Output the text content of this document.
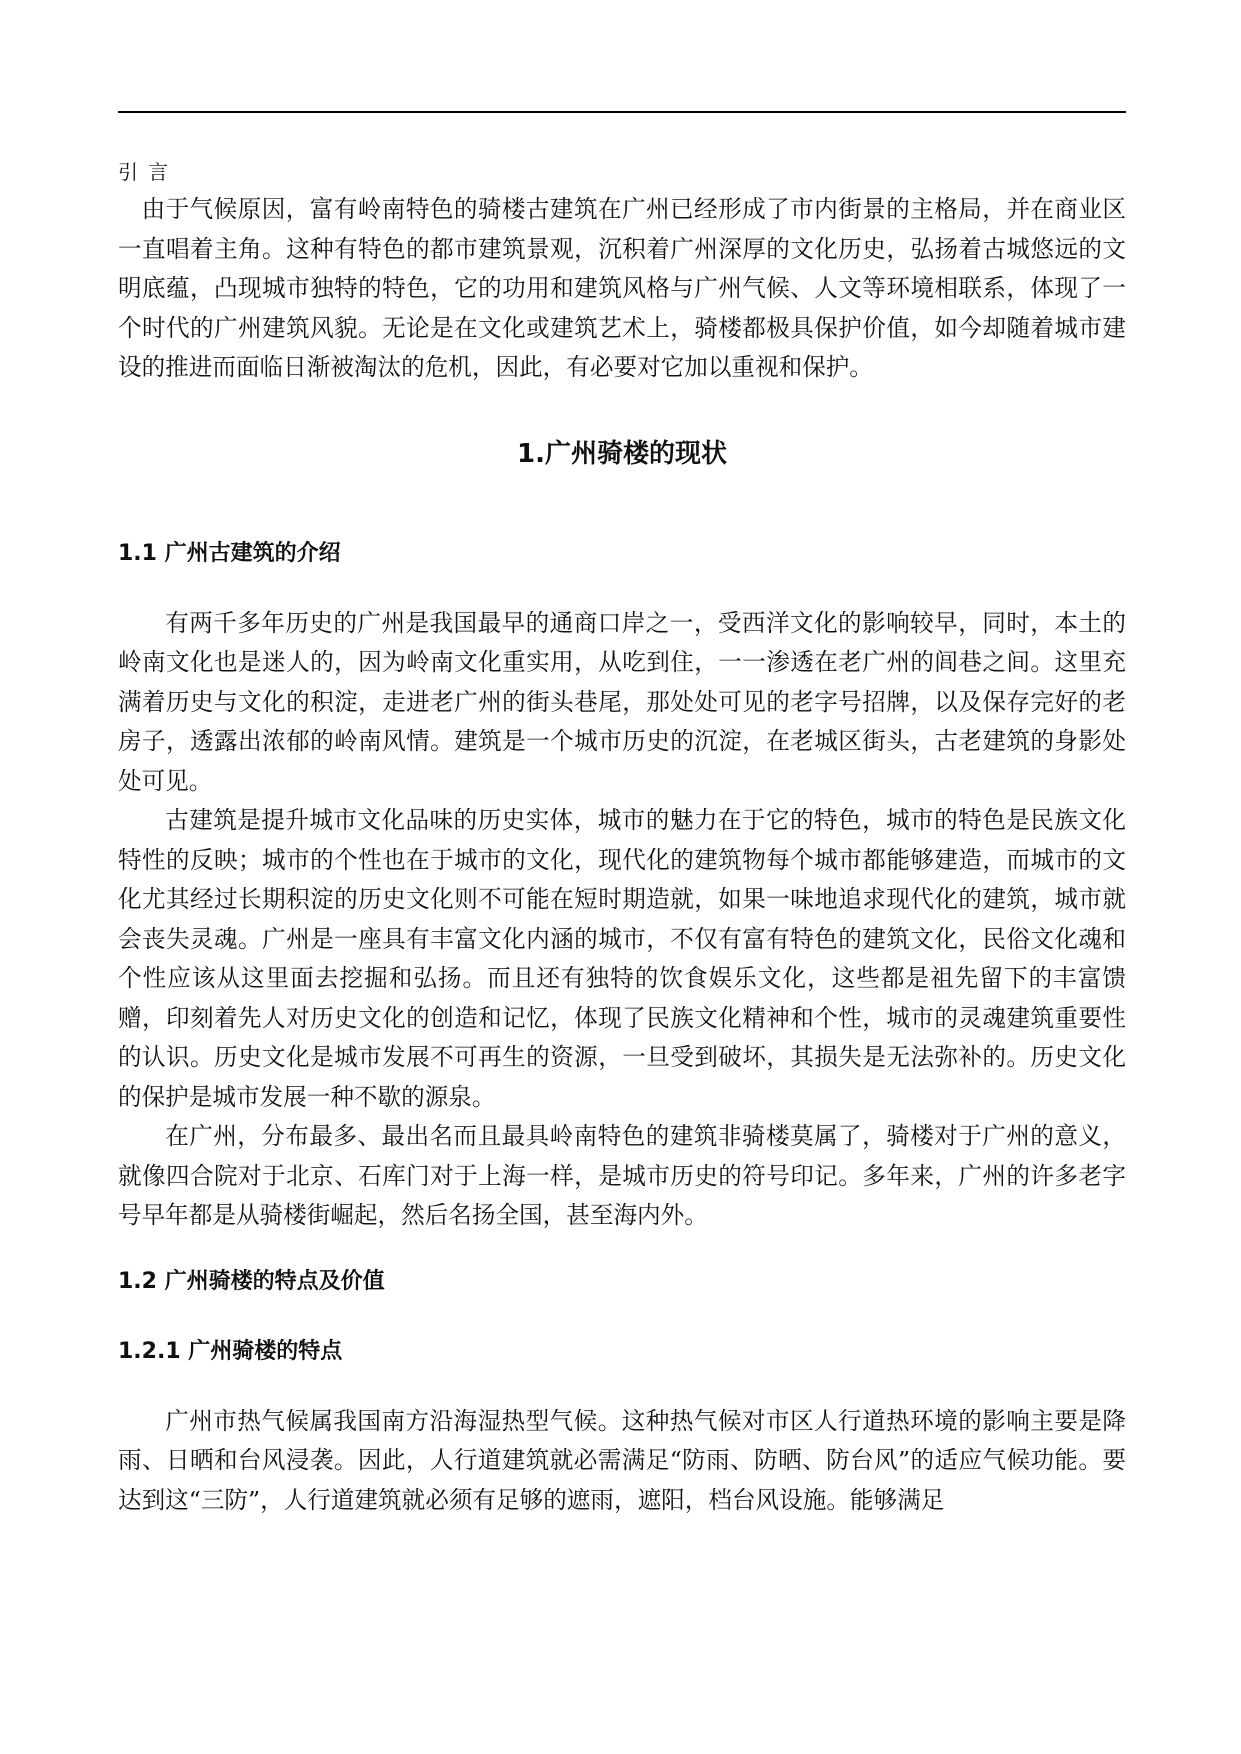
引言

由于气候原因，富有岭南特色的骑楼古建筑在广州已经形成了市内街景的主格局，并在商业区一直唱着主角。这种有特色的都市建筑景观，沉积着广州深厚的文化历史，弘扬着古城悠远的文明底蕴，凸现城市独特的特色，它的功用和建筑风格与广州气候、人文等环境相联系，体现了一个时代的广州建筑风貌。无论是在文化或建筑艺术上，骑楼都极具保护价值，如今却随着城市建设的推进而面临日渐被淘汰的危机，因此，有必要对它加以重视和保护。

1.广州骑楼的现状
1.1 广州古建筑的介绍

有两千多年历史的广州是我国最早的通商口岸之一，受西洋文化的影响较早，同时，本土的岭南文化也是迷人的，因为岭南文化重实用，从吃到住，一一渗透在老广州的闾巷之间。这里充满着历史与文化的积淀，走进老广州的街头巷尾，那处处可见的老字号招牌，以及保存完好的老房子，透露出浓郁的岭南风情。建筑是一个城市历史的沉淀，在老城区街头，古老建筑的身影处处可见。

古建筑是提升城市文化品味的历史实体，城市的魅力在于它的特色，城市的特色是民族文化特性的反映；城市的个性也在于城市的文化，现代化的建筑物每个城市都能够建造，而城市的文化尤其经过长期积淀的历史文化则不可能在短时期造就，如果一味地追求现代化的建筑，城市就会丧失灵魂。广州是一座具有丰富文化内涵的城市，不仅有富有特色的建筑文化，民俗文化魂和个性应该从这里面去挖掘和弘扬。而且还有独特的饮食娱乐文化，这些都是祖先留下的丰富馈赠，印刻着先人对历史文化的创造和记忆，体现了民族文化精神和个性，城市的灵魂建筑重要性的认识。历史文化是城市发展不可再生的资源，一旦受到破坏，其损失是无法弥补的。历史文化的保护是城市发展一种不歇的源泉。

在广州，分布最多、最出名而且最具岭南特色的建筑非骑楼莫属了，骑楼对于广州的意义，就像四合院对于北京、石库门对于上海一样，是城市历史的符号印记。多年来，广州的许多老字号早年都是从骑楼街崛起，然后名扬全国，甚至海内外。

1.2 广州骑楼的特点及价值
1.2.1 广州骑楼的特点

广州市热气候属我国南方沿海湿热型气候。这种热气候对市区人行道热环境的影响主要是降雨、日晒和台风浸袭。因此，人行道建筑就必需满足“防雨、防晒、防台风”的适应气候功能。要达到这“三防”，人行道建筑就必须有足够的遮雨，遮阳，档台风设施。能够满足
